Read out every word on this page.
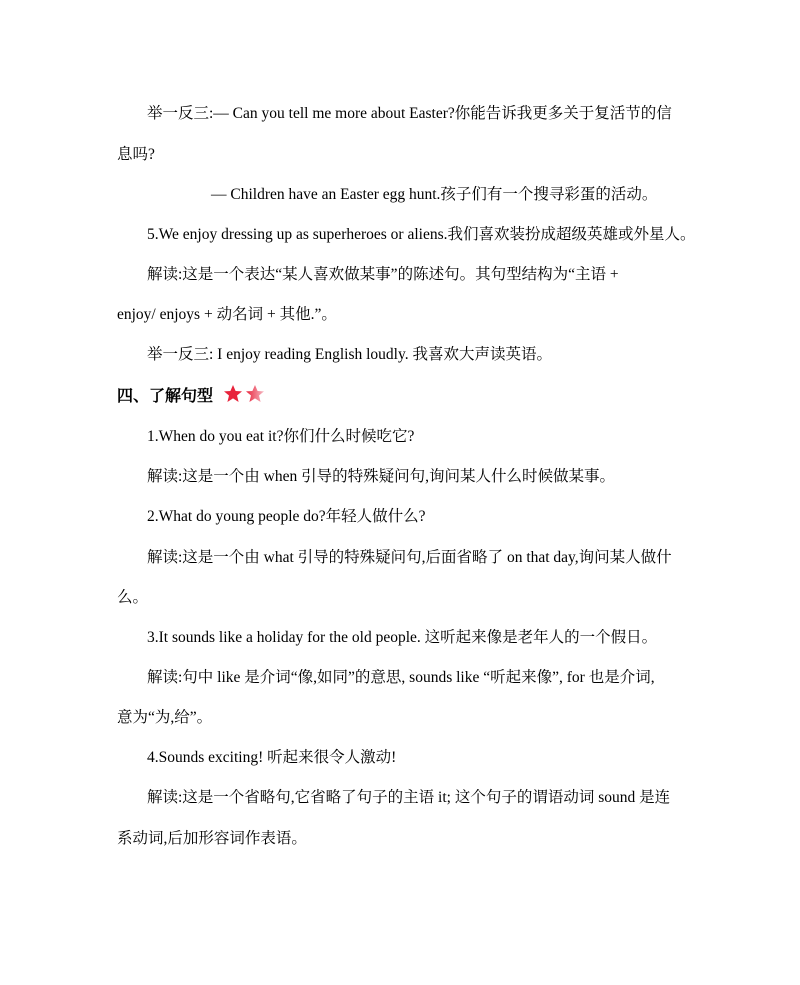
举一反三:— Can you tell me more about Easter?你能告诉我更多关于复活节的信
息吗?
— Children have an Easter egg hunt.孩子们有一个搜寻彩蛋的活动。
5.We enjoy dressing up as superheroes or aliens.我们喜欢装扮成超级英雄或外星人。
解读:这是一个表达“某人喜欢做某事”的陈述句。其句型结构为“主语 +
enjoy/ enjoys + 动名词 + 其他.”。
举一反三: I enjoy reading English loudly. 我喜欢大声读英语。
四、了解句型
1.When do you eat it?你们什么时候吃它?
解读:这是一个由 when 引导的特殊疑问句,询问某人什么时候做某事。
2.What do young people do?年轻人做什么?
解读:这是一个由 what 引导的特殊疑问句,后面省略了 on that day,询问某人做什
么。
3.It sounds like a holiday for the old people. 这听起来像是老年人的一个假日。
解读:句中 like 是介词“像,如同”的意思, sounds like “听起来像”, for 也是介词,
意为“为,给”。
4.Sounds exciting! 听起来很令人激动!
解读:这是一个省略句,它省略了句子的主语 it; 这个句子的谓语动词 sound 是连
系动词,后加形容词作表语。
